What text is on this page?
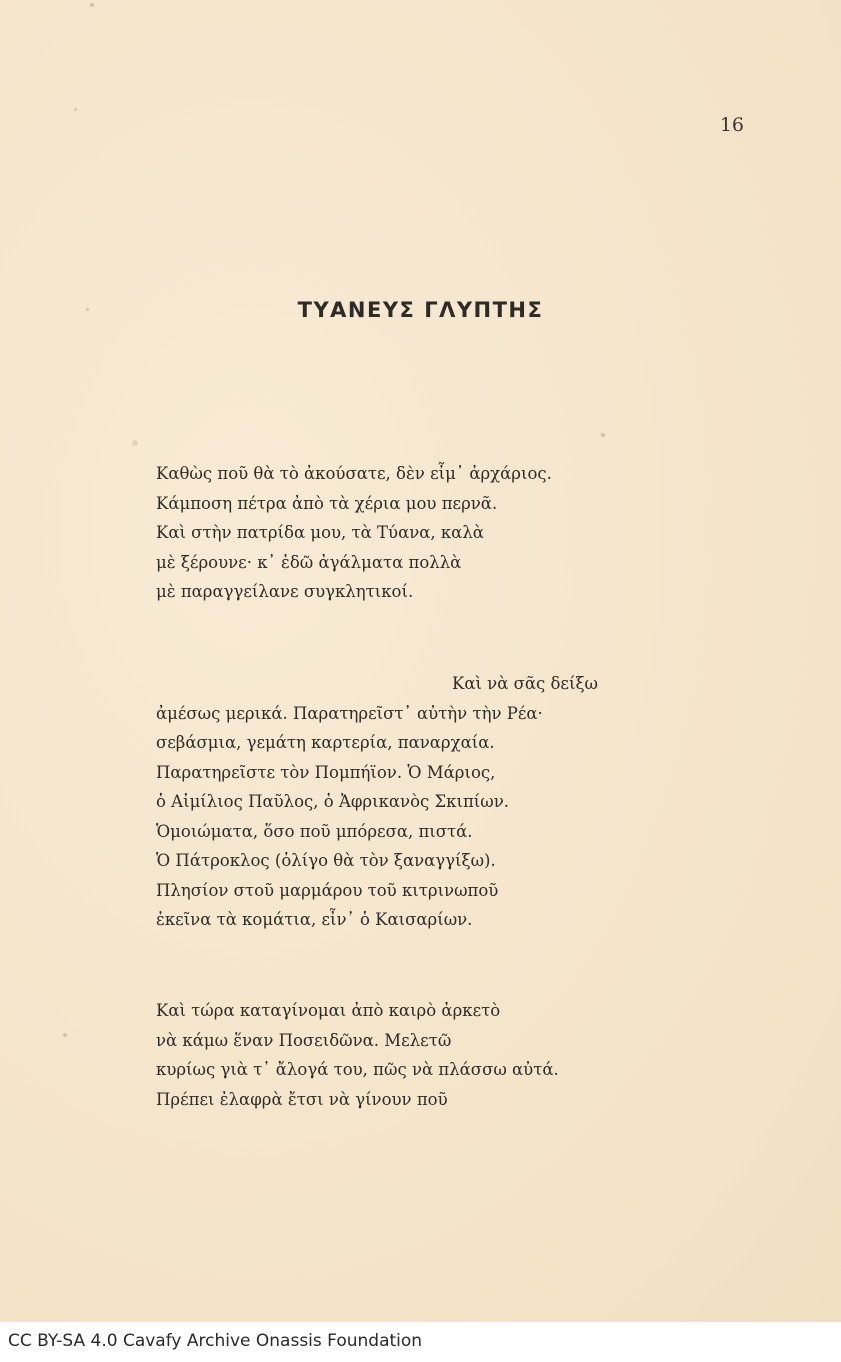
16
ΤΥΑΝΕΥΣ ΓΛΥΠΤΗΣ
Καθὼς ποῦ θὰ τὸ ἀκούσατε, δὲν εἶμ᾽ ἀρχάριος.
Κάμποση πέτρα ἀπὸ τὰ χέρια μου περνᾶ.
Καὶ στὴν πατρίδα μου, τὰ Τύανα, καλὰ
μὲ ξέρουνε· κ᾽ ἐδῶ ἀγάλματα πολλὰ
μὲ παραγγείλανε συγκλητικοί.
Καὶ νὰ σᾶς δείξω
ἀμέσως μερικά. Παρατηρεῖστ᾽ αὐτὴν τὴν Ρέα·
σεβάσμια, γεμάτη καρτερία, παναρχαία.
Παρατηρεῖστε τὸν Πομπήϊον. Ὁ Μάριος,
ὁ Αἰμίλιος Παῦλος, ὁ Ἀφρικανὸς Σκιπίων.
Ὁμοιώματα, ὅσο ποῦ μπόρεσα, πιστά.
Ὁ Πάτροκλος (ὀλίγο θὰ τὸν ξαναγγίξω).
Πλησίον στοῦ μαρμάρου τοῦ κιτρινωποῦ
ἐκεῖνα τὰ κομάτια, εἶν᾽ ὁ Καισαρίων.
Καὶ τώρα καταγίνομαι ἀπὸ καιρὸ ἀρκετὸ
νὰ κάμω ἕναν Ποσειδῶνα. Μελετῶ
κυρίως γιὰ τ᾽ ἄλογά του, πῶς νὰ πλάσσω αὐτά.
Πρέπει ἐλαφρὰ ἔτσι νὰ γίνουν ποῦ
CC BY-SA 4.0 Cavafy Archive Onassis Foundation
